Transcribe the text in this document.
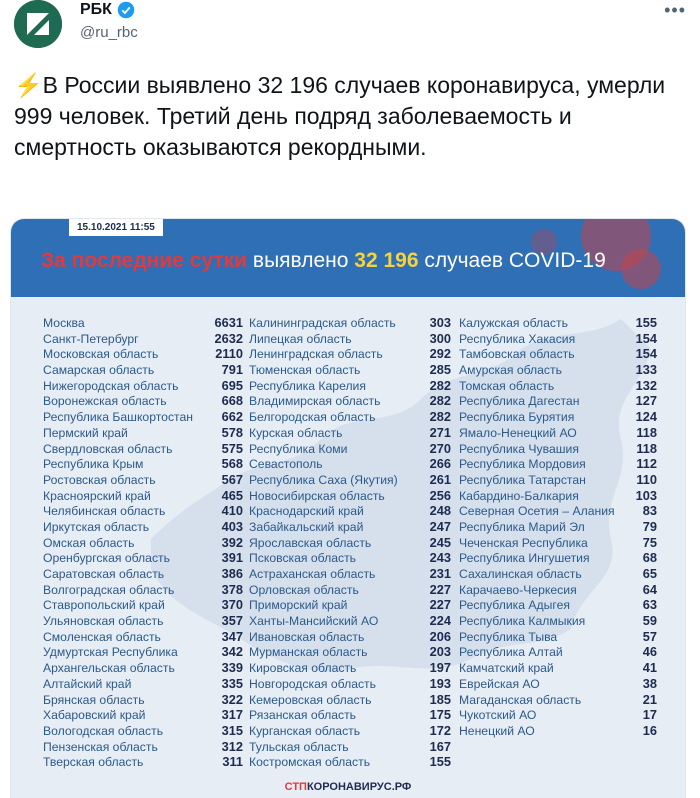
РБК
@ru_rbc
•••
⚡В России выявлено 32 196 случаев коронавируса, умерли 999 человек. Третий день подряд заболеваемость и смертность оказываются рекордными.
15.10.2021 11:55
За последние сутки выявлено 32 196 случаев COVID-19
Москва	6631
Санкт-Петербург	2632
Московская область	2110
Самарская область	791
Нижегородская область	695
Воронежская область	668
Республика Башкортостан 662
Пермский край	578
Свердловская область	575
Республика Крым	568
Ростовская область	567
Красноярский край	465
Челябинская область	410
Иркутская область	403
Омская область	392
Оренбургская область	391
Саратовская область	386
Волгоградская область	378
Ставропольский край	370
Ульяновская область	357
Смоленская область	347
Удмуртская Республика	342
Архангельская область	339
Алтайский край	335
Брянская область	322
Хабаровский край	317
Вологодская область	315
Пензенская область	312
Тверская область	311
Калининградская область	303
Липецкая область	300
Ленинградская область	292
Тюменская область	285
Республика Карелия	282
Владимирская область	282
Белгородская область	282
Курская область	271
Республика Коми	270
Севастополь	266
Республика Саха (Якутия) 261
Новосибирская область	256
Краснодарский край	248
Забайкальский край	247
Ярославская область	245
Псковская область	243
Астраханская область	231
Орловская область	227
Приморский край	227
Ханты-Мансийский АО	224
Ивановская область	206
Мурманская область	203
Кировская область	197
Новгородская область	193
Кемеровская область	185
Рязанская область	175
Курганская область	172
Тульская область	167
Костромская область	155
Калужская область	155
Республика Хакасия	154
Тамбовская область	154
Амурская область	133
Томская область	132
Республика Дагестан	127
Республика Бурятия	124
Ямало-Ненецкий АО	118
Республика Чувашия	118
Республика Мордовия	112
Республика Татарстан	110
Кабардино-Балкария	103
Северная Осетия – Алания 83
Республика Марий Эл	79
Чеченская Республика	75
Республика Ингушетия	68
Сахалинская область	65
Карачаево-Черкесия	64
Республика Адыгея	63
Республика Калмыкия	59
Республика Тыва	57
Республика Алтай	46
Камчатский край	41
Еврейская АО	38
Магаданская область	21
Чукотский АО	17
Ненецкий АО	16
СТПКОРОНАВИРУС.РФ
